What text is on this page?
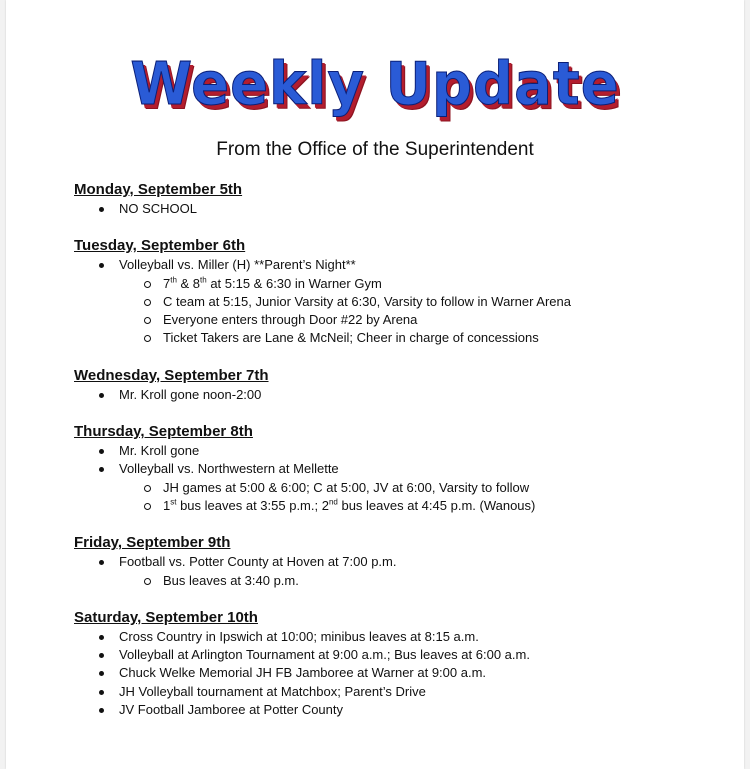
Weekly Update
From the Office of the Superintendent

Monday, September 5th

NO SCHOOL

Tuesday, September 6th

Volleyball vs. Miller (H) **Parent’s Night**
7th & 8th at 5:15 & 6:30 in Warner Gym
C team at 5:15, Junior Varsity at 6:30, Varsity to follow in Warner Arena
Everyone enters through Door #22 by Arena
Ticket Takers are Lane & McNeil; Cheer in charge of concessions

Wednesday, September 7th

Mr. Kroll gone noon-2:00

Thursday, September 8th

Mr. Kroll gone
Volleyball vs. Northwestern at Mellette
JH games at 5:00 & 6:00; C at 5:00, JV at 6:00, Varsity to follow
1st bus leaves at 3:55 p.m.; 2nd bus leaves at 4:45 p.m. (Wanous)

Friday, September 9th

Football vs. Potter County at Hoven at 7:00 p.m.
Bus leaves at 3:40 p.m.

Saturday, September 10th

Cross Country in Ipswich at 10:00; minibus leaves at 8:15 a.m.
Volleyball at Arlington Tournament at 9:00 a.m.; Bus leaves at 6:00 a.m.
Chuck Welke Memorial JH FB Jamboree at Warner at 9:00 a.m.
JH Volleyball tournament at Matchbox; Parent’s Drive
JV Football Jamboree at Potter County
